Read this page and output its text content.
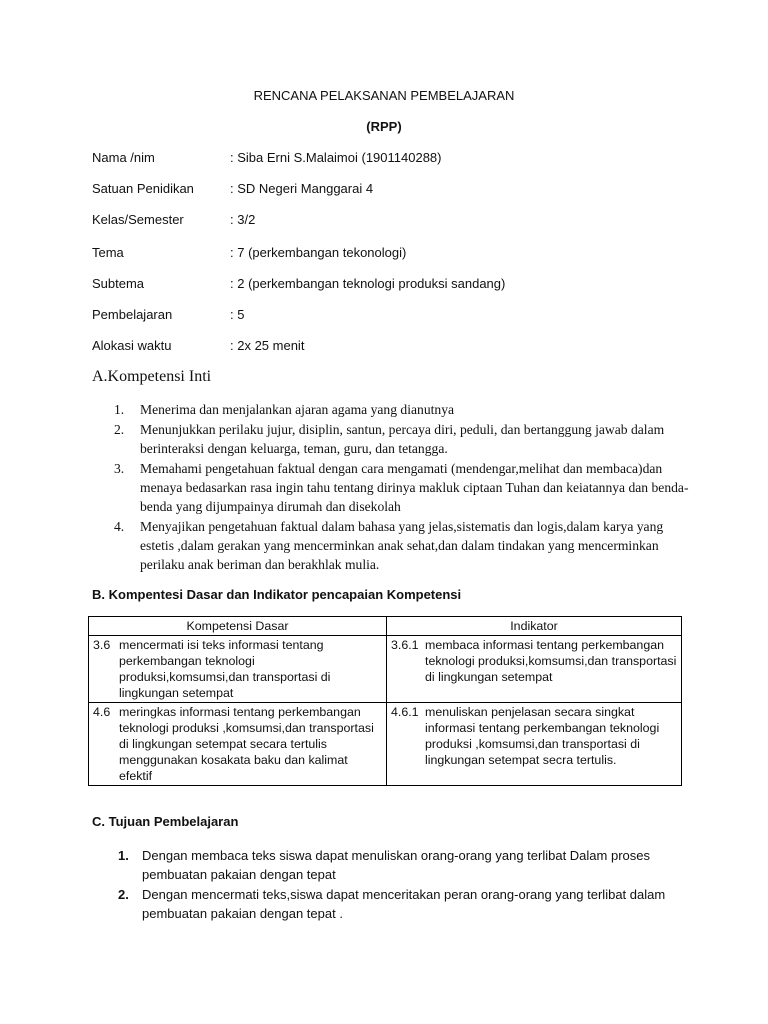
RENCANA PELAKSANAN PEMBELAJARAN
(RPP)
Nama /nim	: Siba Erni S.Malaimoi (1901140288)
Satuan Penidikan	: SD Negeri Manggarai 4
Kelas/Semester	: 3/2
Tema	: 7 (perkembangan tekonologi)
Subtema	: 2 (perkembangan teknologi produksi sandang)
Pembelajaran	: 5
Alokasi waktu	: 2x 25 menit
A.Kompetensi Inti
1. Menerima dan menjalankan ajaran agama yang dianutnya
2. Menunjukkan perilaku jujur, disiplin, santun, percaya diri, peduli, dan bertanggung jawab dalam berinteraksi dengan keluarga, teman, guru, dan tetangga.
3. Memahami pengetahuan faktual dengan cara mengamati (mendengar,melihat dan membaca)dan menaya bedasarkan rasa ingin tahu tentang dirinya makluk ciptaan Tuhan dan keiatannya dan benda-benda yang dijumpainya dirumah dan disekolah
4. Menyajikan pengetahuan faktual dalam bahasa yang jelas,sistematis dan logis,dalam karya yang estetis ,dalam gerakan yang mencerminkan anak sehat,dan dalam tindakan yang mencerminkan perilaku anak beriman dan berakhlak mulia.
B. Kompentesi Dasar dan Indikator pencapaian Kompetensi
Kompetensi Dasar	Indikator

3.6 mencermati isi teks informasi tentang perkembangan teknologi produksi,komsumsi,dan transportasi di lingkungan setempat	3.6.1 membaca informasi tentang perkembangan teknologi produksi,komsumsi,dan transportasi di lingkungan setempat

4.6 meringkas informasi tentang perkembangan teknologi produksi ,komsumsi,dan transportasi di lingkungan setempat secara tertulis menggunakan kosakata baku dan kalimat efektif	4.6.1 menuliskan penjelasan secara singkat informasi tentang perkembangan teknologi produksi ,komsumsi,dan transportasi di lingkungan setempat secra tertulis.
C. Tujuan Pembelajaran
1. Dengan membaca teks siswa dapat menuliskan orang-orang yang terlibat Dalam proses pembuatan pakaian dengan tepat
2. Dengan mencermati teks,siswa dapat menceritakan peran orang-orang yang terlibat dalam pembuatan pakaian dengan tepat .
